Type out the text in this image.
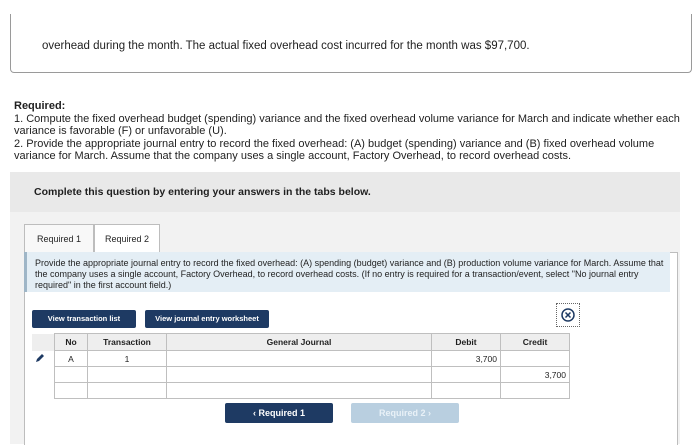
overhead during the month. The actual fixed overhead cost incurred for the month was $97,700.

Required:

1. Compute the fixed overhead budget (spending) variance and the fixed overhead volume variance for March and indicate whether each variance is favorable (F) or unfavorable (U).

2. Provide the appropriate journal entry to record the fixed overhead: (A) budget (spending) variance and (B) fixed overhead volume variance for March. Assume that the company uses a single account, Factory Overhead, to record overhead costs.

Complete this question by entering your answers in the tabs below.
Required 1	Required 2
Provide the appropriate journal entry to record the fixed overhead: (A) spending (budget) variance and (B) production volume variance for March. Assume that the company uses a single account, Factory Overhead, to record overhead costs. (If no entry is required for a transaction/event, select "No journal entry required" in the first account field.)
View transaction list	View journal entry worksheet
	No	Transaction	General Journal	Debit	Credit
	A	1		3,700	
					3,700

‹ Required 1	Required 2 ›
